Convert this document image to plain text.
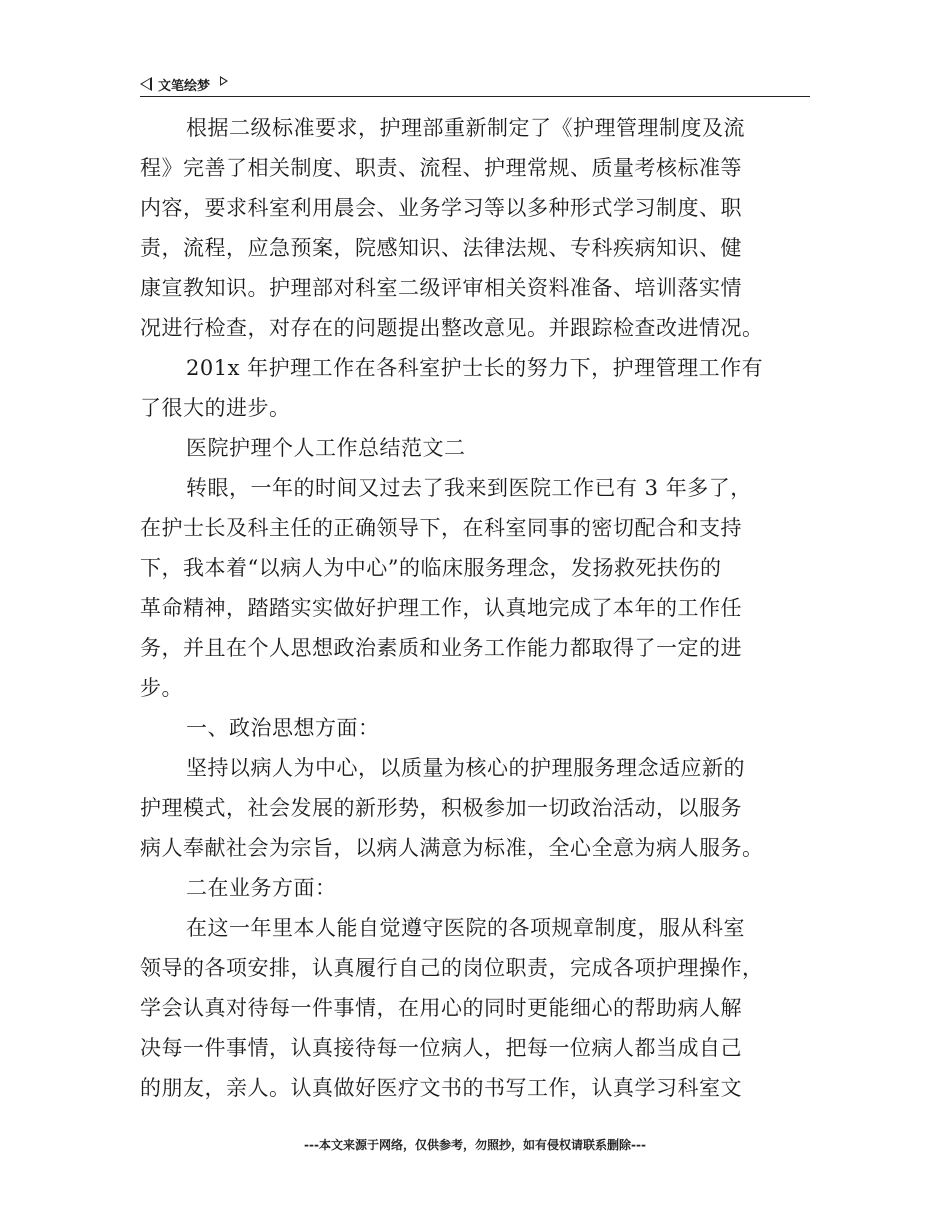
文笔绘梦
根据二级标准要求，护理部重新制定了《护理管理制度及流
程》完善了相关制度、职责、流程、护理常规、质量考核标准等
内容，要求科室利用晨会、业务学习等以多种形式学习制度、职
责，流程，应急预案，院感知识、法律法规、专科疾病知识、健
康宣教知识。护理部对科室二级评审相关资料准备、培训落实情
况进行检查，对存在的问题提出整改意见。并跟踪检查改进情况。
201x 年护理工作在各科室护士长的努力下，护理管理工作有
了很大的进步。
医院护理个人工作总结范文二
转眼，一年的时间又过去了我来到医院工作已有 3 年多了，
在护士长及科主任的正确领导下，在科室同事的密切配合和支持
下，我本着“以病人为中心”的临床服务理念，发扬救死扶伤的
革命精神，踏踏实实做好护理工作，认真地完成了本年的工作任
务，并且在个人思想政治素质和业务工作能力都取得了一定的进
步。
一、政治思想方面：
坚持以病人为中心，以质量为核心的护理服务理念适应新的
护理模式，社会发展的新形势，积极参加一切政治活动，以服务
病人奉献社会为宗旨，以病人满意为标准，全心全意为病人服务。
二在业务方面：
在这一年里本人能自觉遵守医院的各项规章制度，服从科室
领导的各项安排，认真履行自己的岗位职责，完成各项护理操作，
学会认真对待每一件事情，在用心的同时更能细心的帮助病人解
决每一件事情，认真接待每一位病人，把每一位病人都当成自己
的朋友，亲人。认真做好医疗文书的书写工作，认真学习科室文
---本文来源于网络，仅供参考，勿照抄，如有侵权请联系删除---
